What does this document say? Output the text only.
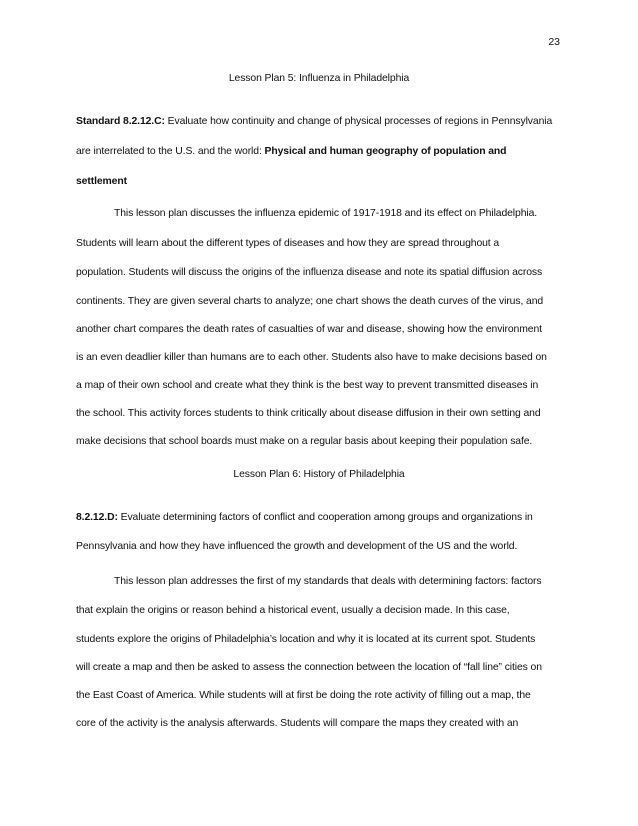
23
Lesson Plan 5: Influenza in Philadelphia
Standard 8.2.12.C: Evaluate how continuity and change of physical processes of regions in Pennsylvania
are interrelated to the U.S. and the world: Physical and human geography of population and
settlement
This lesson plan discusses the influenza epidemic of 1917-1918 and its effect on Philadelphia.
Students will learn about the different types of diseases and how they are spread throughout a
population. Students will discuss the origins of the influenza disease and note its spatial diffusion across
continents. They are given several charts to analyze; one chart shows the death curves of the virus, and
another chart compares the death rates of casualties of war and disease, showing how the environment
is an even deadlier killer than humans are to each other. Students also have to make decisions based on
a map of their own school and create what they think is the best way to prevent transmitted diseases in
the school. This activity forces students to think critically about disease diffusion in their own setting and
make decisions that school boards must make on a regular basis about keeping their population safe.
Lesson Plan 6: History of Philadelphia
8.2.12.D: Evaluate determining factors of conflict and cooperation among groups and organizations in
Pennsylvania and how they have influenced the growth and development of the US and the world.
This lesson plan addresses the first of my standards that deals with determining factors: factors
that explain the origins or reason behind a historical event, usually a decision made. In this case,
students explore the origins of Philadelphia’s location and why it is located at its current spot. Students
will create a map and then be asked to assess the connection between the location of “fall line” cities on
the East Coast of America. While students will at first be doing the rote activity of filling out a map, the
core of the activity is the analysis afterwards. Students will compare the maps they created with an
